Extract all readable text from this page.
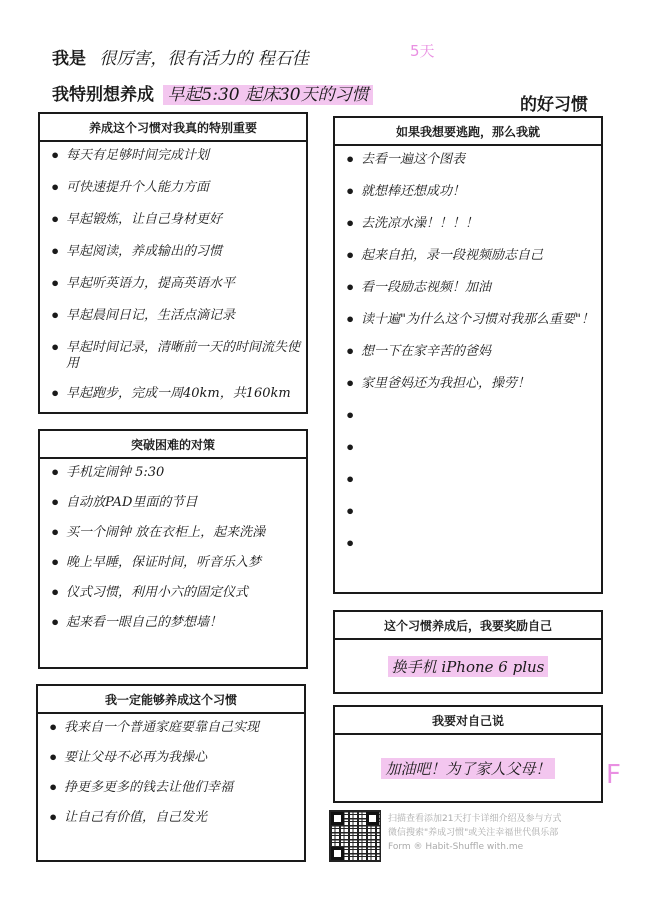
我是 很厉害，很有活力的 程石佳	5天
我特别想养成 早起5:30 起床30天的习惯	的好习惯
养成这个习惯对我真的特别重要
• 每天有足够时间完成计划
• 可快速提升个人能力方面
• 早起锻炼，让自己身材更好
• 早起阅读，养成输出的习惯
• 早起听英语力，提高英语水平
• 早起晨间日记，生活点滴记录
• 早起时间记录，清晰前一天的时间流失使用
• 早起跑步，完成一周40km，共160km
如果我想要逃跑，那么我就
• 去看一遍这个图表
• 就想棒还想成功！
• 去洗凉水澡！！！！
• 起来自拍，录一段视频励志自己
• 看一段励志视频！加油
• 读十遍"为什么这个习惯对我那么重要"！
• 想一下在家辛苦的爸妈
• 家里爸妈还为我担心，操劳！
•
•
•
•
•
突破困难的对策
• 手机定闹钟 5:30
• 自动放PAD里面的节目
• 买一个闹钟 放在衣柜上，起来洗澡
• 晚上早睡，保证时间，听音乐入梦
• 仪式习惯，利用小六的固定仪式
• 起来看一眼自己的梦想墙！	这个习惯养成后，我要奖励自己
换手机 iPhone 6 plus
我一定能够养成这个习惯
• 我来自一个普通家庭要靠自己实现
• 要让父母不必再为我操心
• 挣更多更多的钱去让他们幸福
• 让自己有价值，自己发光
我要对自己说
加油吧！为了家人父母！ F
扫描查看添加21天打卡详细介绍及参与方式
微信搜索"养成习惯"或关注幸福世代俱乐部
Form ® Habit-Shuffle with.me
